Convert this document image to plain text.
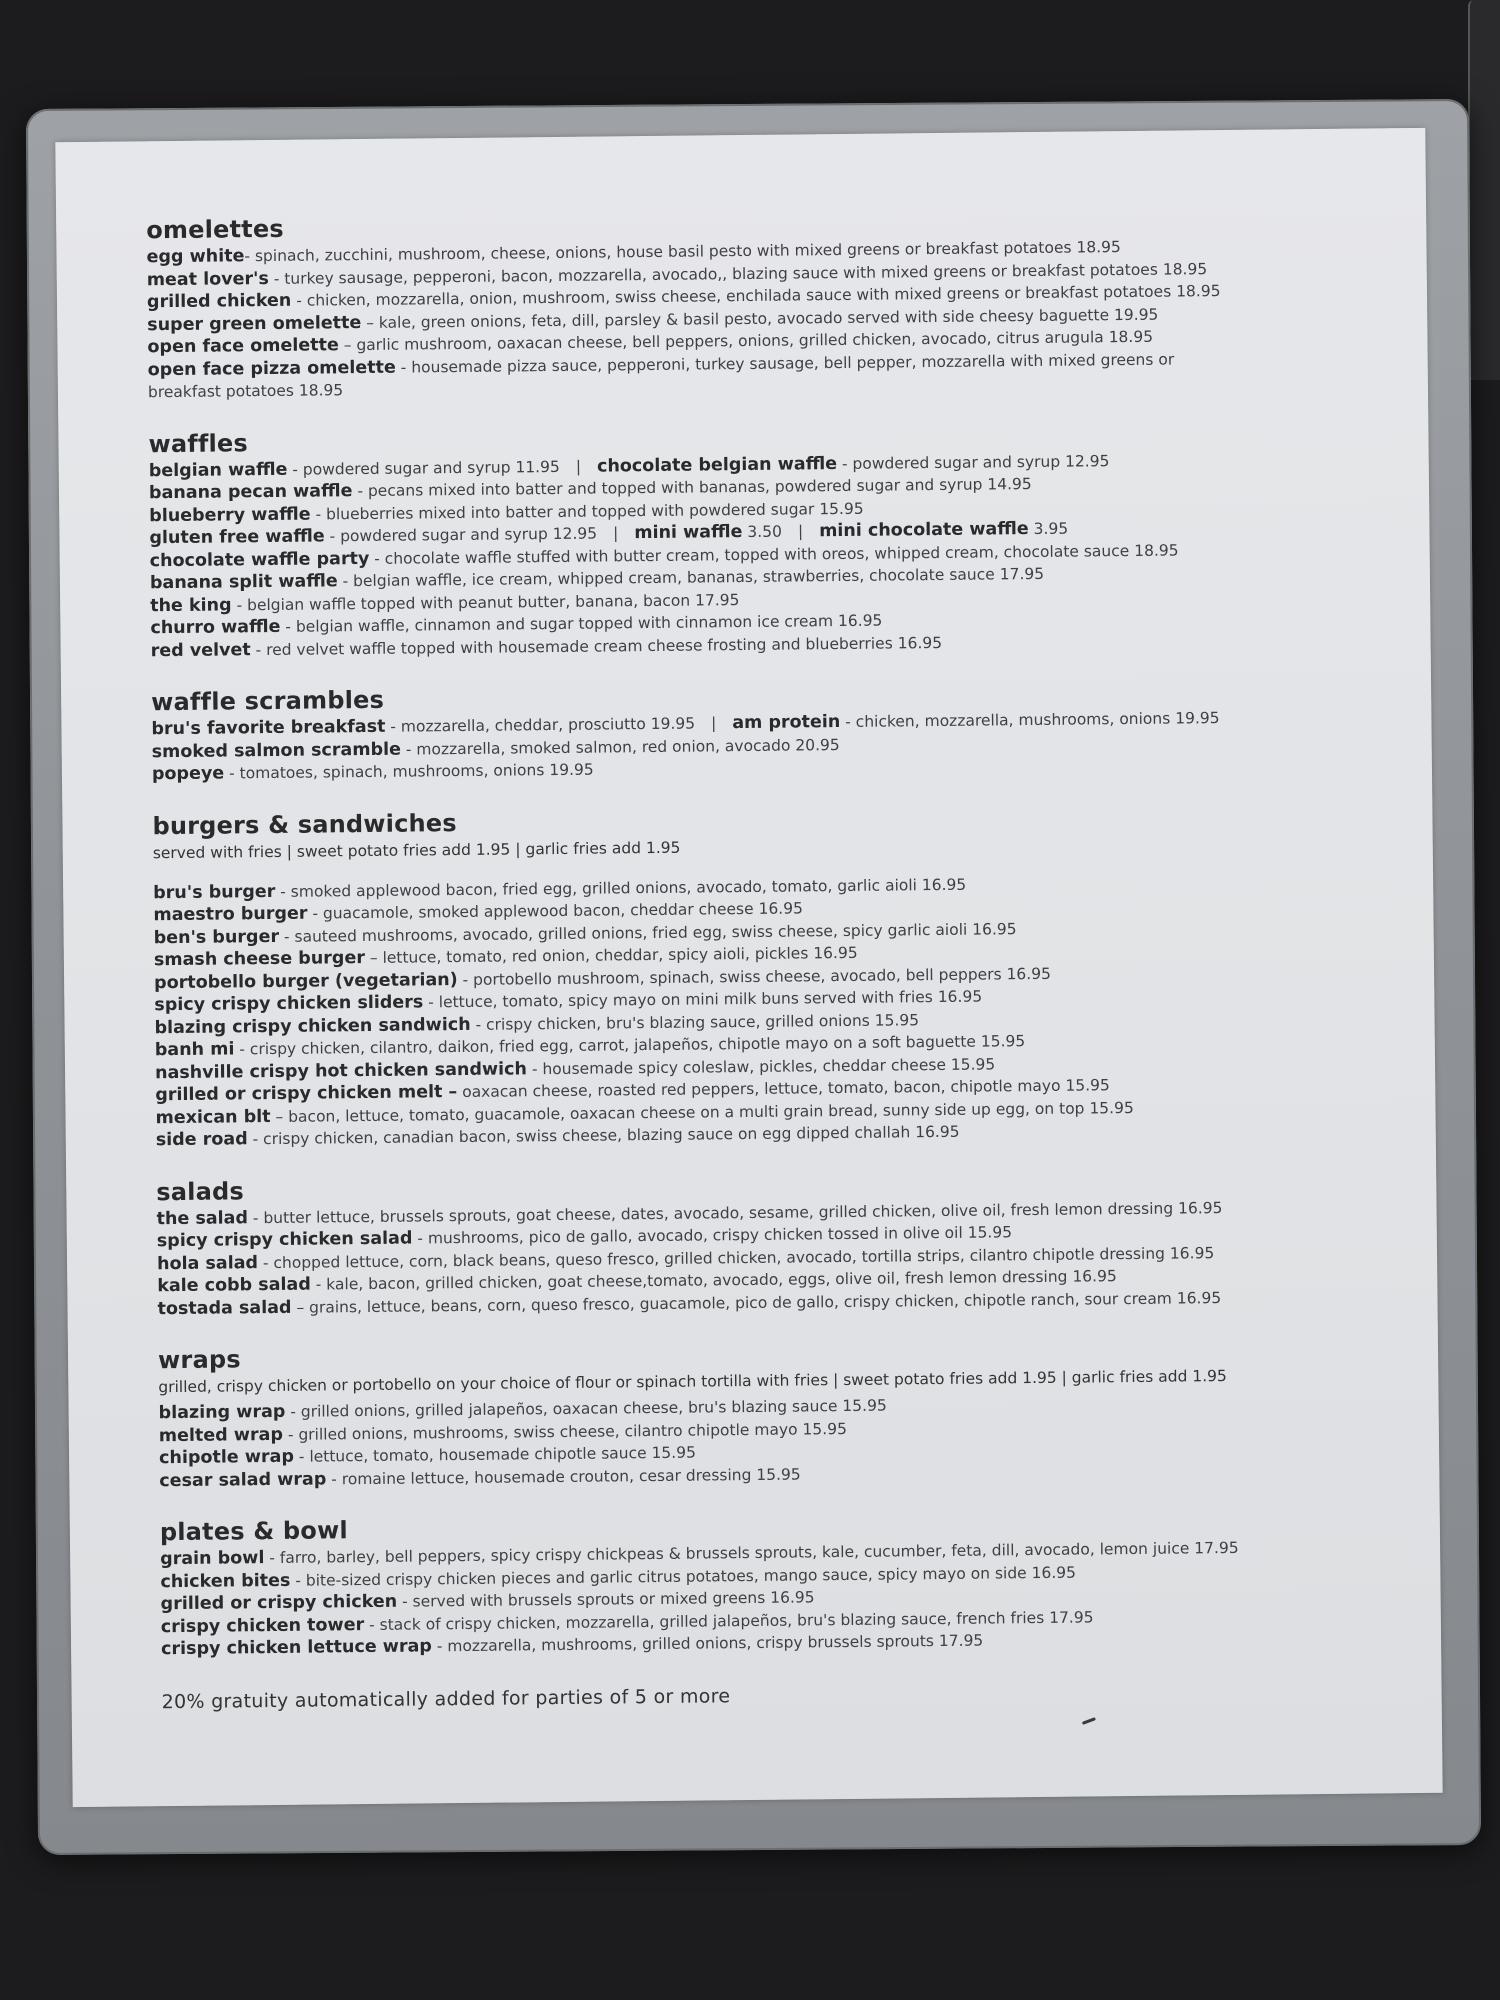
omelettes
egg white- spinach, zucchini, mushroom, cheese, onions, house basil pesto with mixed greens or breakfast potatoes 18.95
meat lover's - turkey sausage, pepperoni, bacon, mozzarella, avocado,, blazing sauce with mixed greens or breakfast potatoes 18.95
grilled chicken - chicken, mozzarella, onion, mushroom, swiss cheese, enchilada sauce with mixed greens or breakfast potatoes 18.95
super green omelette – kale, green onions, feta, dill, parsley & basil pesto, avocado served with side cheesy baguette 19.95
open face omelette – garlic mushroom, oaxacan cheese, bell peppers, onions, grilled chicken, avocado, citrus arugula 18.95
open face pizza omelette - housemade pizza sauce, pepperoni, turkey sausage, bell pepper, mozzarella with mixed greens or breakfast potatoes 18.95
waffles
belgian waffle - powdered sugar and syrup 11.95 | chocolate belgian waffle - powdered sugar and syrup 12.95
banana pecan waffle - pecans mixed into batter and topped with bananas, powdered sugar and syrup 14.95
blueberry waffle - blueberries mixed into batter and topped with powdered sugar 15.95
gluten free waffle - powdered sugar and syrup 12.95 | mini waffle 3.50 | mini chocolate waffle 3.95
chocolate waffle party - chocolate waffle stuffed with butter cream, topped with oreos, whipped cream, chocolate sauce 18.95
banana split waffle - belgian waffle, ice cream, whipped cream, bananas, strawberries, chocolate sauce 17.95
the king - belgian waffle topped with peanut butter, banana, bacon 17.95
churro waffle - belgian waffle, cinnamon and sugar topped with cinnamon ice cream 16.95
red velvet - red velvet waffle topped with housemade cream cheese frosting and blueberries 16.95
waffle scrambles
bru's favorite breakfast - mozzarella, cheddar, prosciutto 19.95 | am protein - chicken, mozzarella, mushrooms, onions 19.95
smoked salmon scramble - mozzarella, smoked salmon, red onion, avocado 20.95
popeye - tomatoes, spinach, mushrooms, onions 19.95
burgers & sandwiches
served with fries | sweet potato fries add 1.95 | garlic fries add 1.95
bru's burger - smoked applewood bacon, fried egg, grilled onions, avocado, tomato, garlic aioli 16.95
maestro burger - guacamole, smoked applewood bacon, cheddar cheese 16.95
ben's burger - sauteed mushrooms, avocado, grilled onions, fried egg, swiss cheese, spicy garlic aioli 16.95
smash cheese burger – lettuce, tomato, red onion, cheddar, spicy aioli, pickles 16.95
portobello burger (vegetarian) - portobello mushroom, spinach, swiss cheese, avocado, bell peppers 16.95
spicy crispy chicken sliders - lettuce, tomato, spicy mayo on mini milk buns served with fries 16.95
blazing crispy chicken sandwich - crispy chicken, bru's blazing sauce, grilled onions 15.95
banh mi - crispy chicken, cilantro, daikon, fried egg, carrot, jalapeños, chipotle mayo on a soft baguette 15.95
nashville crispy hot chicken sandwich - housemade spicy coleslaw, pickles, cheddar cheese 15.95
grilled or crispy chicken melt – oaxacan cheese, roasted red peppers, lettuce, tomato, bacon, chipotle mayo 15.95
mexican blt – bacon, lettuce, tomato, guacamole, oaxacan cheese on a multi grain bread, sunny side up egg, on top 15.95
side road - crispy chicken, canadian bacon, swiss cheese, blazing sauce on egg dipped challah 16.95
salads
the salad - butter lettuce, brussels sprouts, goat cheese, dates, avocado, sesame, grilled chicken, olive oil, fresh lemon dressing 16.95
spicy crispy chicken salad - mushrooms, pico de gallo, avocado, crispy chicken tossed in olive oil 15.95
hola salad - chopped lettuce, corn, black beans, queso fresco, grilled chicken, avocado, tortilla strips, cilantro chipotle dressing 16.95
kale cobb salad - kale, bacon, grilled chicken, goat cheese,tomato, avocado, eggs, olive oil, fresh lemon dressing 16.95
tostada salad – grains, lettuce, beans, corn, queso fresco, guacamole, pico de gallo, crispy chicken, chipotle ranch, sour cream 16.95
wraps
grilled, crispy chicken or portobello on your choice of flour or spinach tortilla with fries | sweet potato fries add 1.95 | garlic fries add 1.95
blazing wrap - grilled onions, grilled jalapeños, oaxacan cheese, bru's blazing sauce 15.95
melted wrap - grilled onions, mushrooms, swiss cheese, cilantro chipotle mayo 15.95
chipotle wrap - lettuce, tomato, housemade chipotle sauce 15.95
cesar salad wrap - romaine lettuce, housemade crouton, cesar dressing 15.95
plates & bowl
grain bowl - farro, barley, bell peppers, spicy crispy chickpeas & brussels sprouts, kale, cucumber, feta, dill, avocado, lemon juice 17.95
chicken bites - bite-sized crispy chicken pieces and garlic citrus potatoes, mango sauce, spicy mayo on side 16.95
grilled or crispy chicken - served with brussels sprouts or mixed greens 16.95
crispy chicken tower - stack of crispy chicken, mozzarella, grilled jalapeños, bru's blazing sauce, french fries 17.95
crispy chicken lettuce wrap - mozzarella, mushrooms, grilled onions, crispy brussels sprouts 17.95
20% gratuity automatically added for parties of 5 or more
